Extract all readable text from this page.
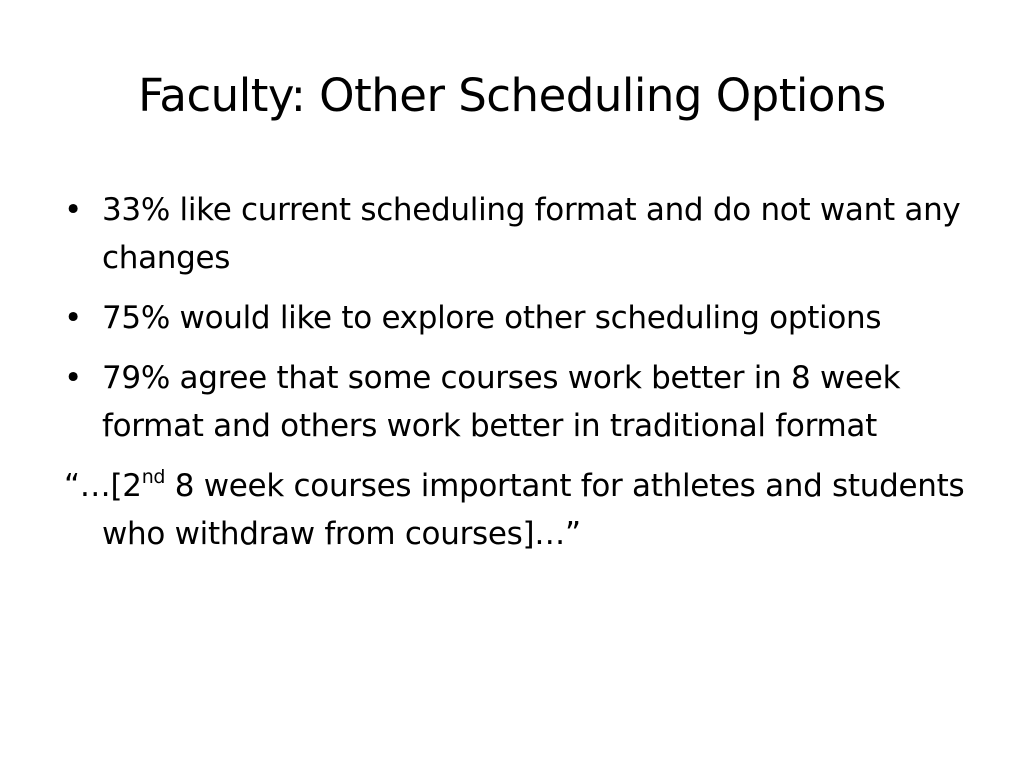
Faculty: Other Scheduling Options
• 33% like current scheduling format and do not want any changes
• 75% would like to explore other scheduling options
• 79% agree that some courses work better in 8 week format and others work better in traditional format
“…[2nd 8 week courses important for athletes and students who withdraw from courses]…”
